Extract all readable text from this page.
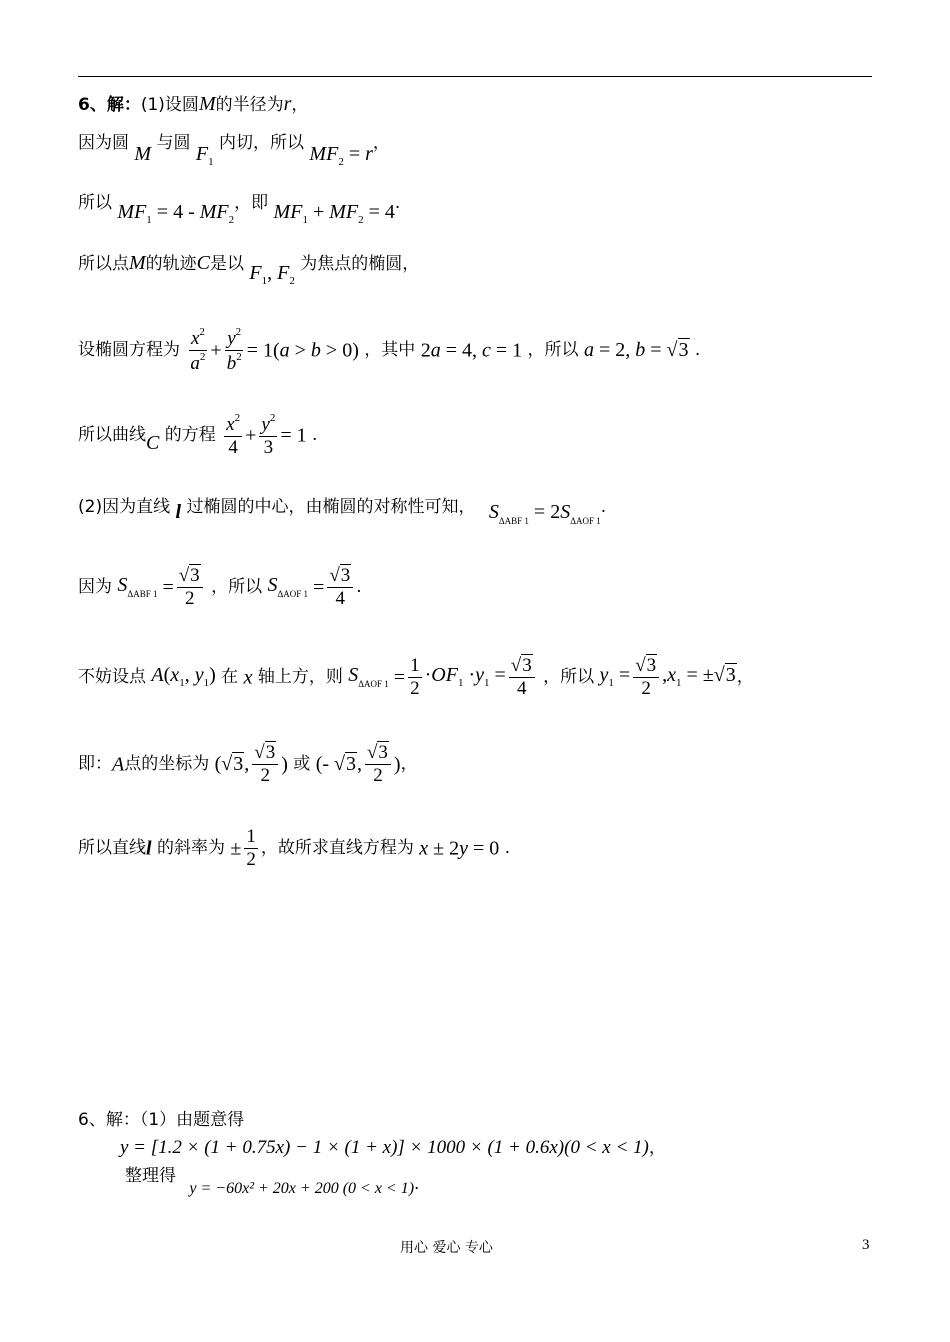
6、解：(1)设圆M的半径为r，
因为圆 M 与圆 $F_1$ 内切，所以 $MF_2 = r$，
所以 $MF_1 = 4 - MF_2$，即 $MF_1 + MF_2 = 4$.
所以点M的轨迹C是以 $F_1$, $F_2$ 为焦点的椭圆，
设椭圆方程为 $\frac{x^2}{a^2} + \frac{y^2}{b^2} = 1(a > b > 0)$ ，其中 2a = 4, c = 1 ，所以 a = 2, b = √3 .
所以曲线C 的方程 $\frac{x^2}{4} + \frac{y^2}{3} = 1$ .
(2)因为直线 l 过椭圆的中心，由椭圆的对称性可知， $S_{\Delta ABF 1} = 2S_{\Delta AOF 1}$.
因为 $S_{\Delta ABF 1} = \frac{√3}{2}$ ，所以 $S_{\Delta AOF 1} = \frac{√3}{4}$ .
不妨设点 $A(x_1$, $y_1$) 在 x 轴上方，则 $S_{\Delta AOF 1} = \frac{1}{2} \cdot OF_1 \cdot y_1 = \frac{√3}{4}$ ，所以 $y_1 = \frac{√3}{2} ,x_1 = \pm√3$，
即：A点的坐标为 (√3, $\frac{√3}{2}$ ) 或 (- √3, $\frac{√3}{2}$ )，
所以直线l 的斜率为 ± $\frac{1}{2}$ ，故所求直线方程为 x ± 2y = 0 .
6、解：（1）由题意得
y = [1.2 × (1 + 0.75x) − 1 × (1 + x)] × 1000 × (1 + 0.6x)(0 < x < 1)，
整理得 y = −60x² + 20x + 200 (0 < x < 1).
用心 爱心 专心	3
